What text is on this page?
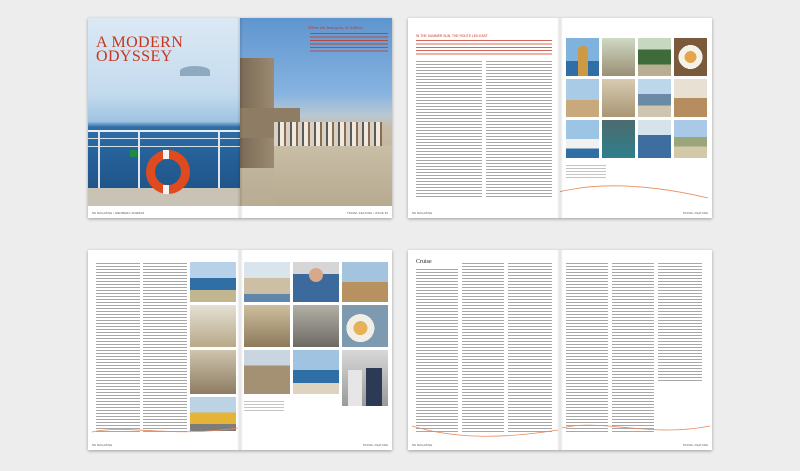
A MODERN
ODYSSEY
RN MAGAZINE / WEINBERG SIDEBAR
Where the boat goes, he follows
TRAVEL FEATURE / ISSUE 39
IN THE SUMMER SUN, THE ROUTE LED EAST
RN MAGAZINE	TRAVEL FEATURE
RN MAGAZINE	TRAVEL FEATURE
Cruise
RN MAGAZINE	TRAVEL FEATURE
